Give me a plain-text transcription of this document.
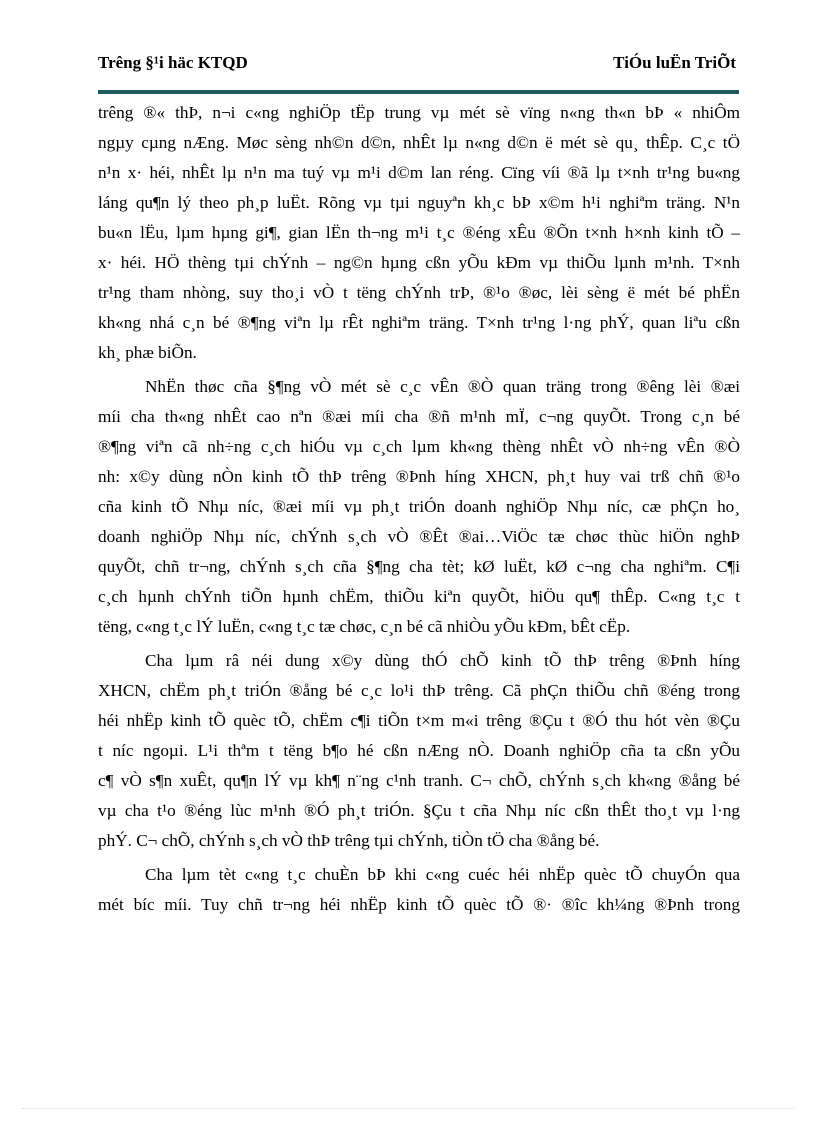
Trêng §¹i häc KTQD	TiÓu luËn TriÕt
trêng ®« thÞ, n¬i c«ng nghiÖp tËp trung vµ mét sè vïng n«ng th«n bÞ « nhiÔm
ngµy cµng nÆng. Møc sèng nh©n d©n, nhÊt lµ n«ng d©n ë mét sè qu¸ thÊp. C¸c tÖ
n¹n x· héi, nhÊt lµ n¹n ma tuý vµ m¹i d©m lan réng. Cïng víi ®ã lµ t×nh tr¹ng bu«ng
láng qu¶n lý theo ph¸p luËt. Rõng vµ tµi nguyªn kh¸c bÞ x©m h¹i nghiªm träng. N¹n
bu«n lËu, lµm hµng gi¶, gian lËn th¬ng m¹i t¸c ®éng xÊu ®Õn t×nh h×nh kinh tÕ –
x· héi. HÖ thèng tµi chÝnh – ng©n hµng cßn yÕu kÐm vµ thiÕu lµnh m¹nh. T×nh
tr¹ng tham nhòng, suy tho¸i vÒ t tëng chÝnh trÞ, ®¹o ®øc, lèi sèng ë mét bé phËn
kh«ng nhá c¸n bé ®¶ng viªn lµ rÊt nghiªm träng. T×nh tr¹ng l·ng phÝ, quan liªu cßn
kh¸ phæ biÕn.
NhËn thøc cña §¶ng vÒ mét sè c¸c vÊn ®Ò quan träng trong ®êng lèi ®æi
míi cha th«ng nhÊt cao nªn ®æi míi cha ®ñ m¹nh mÏ, c¬ng quyÕt. Trong c¸n bé
®¶ng viªn cã nh÷ng c¸ch hiÓu vµ c¸ch lµm kh«ng thèng nhÊt vÒ nh÷ng vÊn ®Ò
nh: x©y dùng nÒn kinh tÕ thÞ trêng ®Þnh híng XHCN, ph¸t huy vai trß chñ ®¹o
cña kinh tÕ Nhµ níc, ®æi míi vµ ph¸t triÓn doanh nghiÖp Nhµ níc, cæ phÇn ho¸
doanh nghiÖp Nhµ níc, chÝnh s¸ch vÒ ®Êt ®ai…ViÖc tæ chøc thùc hiÖn nghÞ
quyÕt, chñ tr¬ng, chÝnh s¸ch cña §¶ng cha tèt; kØ luËt, kØ c¬ng cha nghiªm. C¶i
c¸ch hµnh chÝnh tiÕn hµnh chËm, thiÕu kiªn quyÕt, hiÖu qu¶ thÊp. C«ng t¸c t
tëng, c«ng t¸c lÝ luËn, c«ng t¸c tæ chøc, c¸n bé cã nhiÒu yÕu kÐm, bÊt cËp.
Cha lµm râ néi dung x©y dùng thÓ chÕ kinh tÕ thÞ trêng ®Þnh híng
XHCN, chËm ph¸t triÓn ®ång bé c¸c lo¹i thÞ trêng. Cã phÇn thiÕu chñ ®éng trong
héi nhËp kinh tÕ quèc tÕ, chËm c¶i tiÕn t×m m«i trêng ®Çu t ®Ó thu hót vèn ®Çu
t níc ngoµi. L¹i thªm t tëng b¶o hé cßn nÆng nÒ. Doanh nghiÖp cña ta cßn yÕu
c¶ vÒ s¶n xuÊt, qu¶n lÝ vµ kh¶ n¨ng c¹nh tranh. C¬ chÕ, chÝnh s¸ch kh«ng ®ång bé
vµ cha t¹o ®éng lùc m¹nh ®Ó ph¸t triÓn. §Çu t cña Nhµ níc cßn thÊt tho¸t vµ l·ng
phÝ. C¬ chÕ, chÝnh s¸ch vÒ thÞ trêng tµi chÝnh, tiÒn tÖ cha ®ång bé.
Cha lµm tèt c«ng t¸c chuÈn bÞ khi c«ng cuéc héi nhËp quèc tÕ chuyÓn qua
mét bíc míi. Tuy chñ tr¬ng héi nhËp kinh tÕ quèc tÕ ®· ®îc kh¼ng ®Þnh trong
